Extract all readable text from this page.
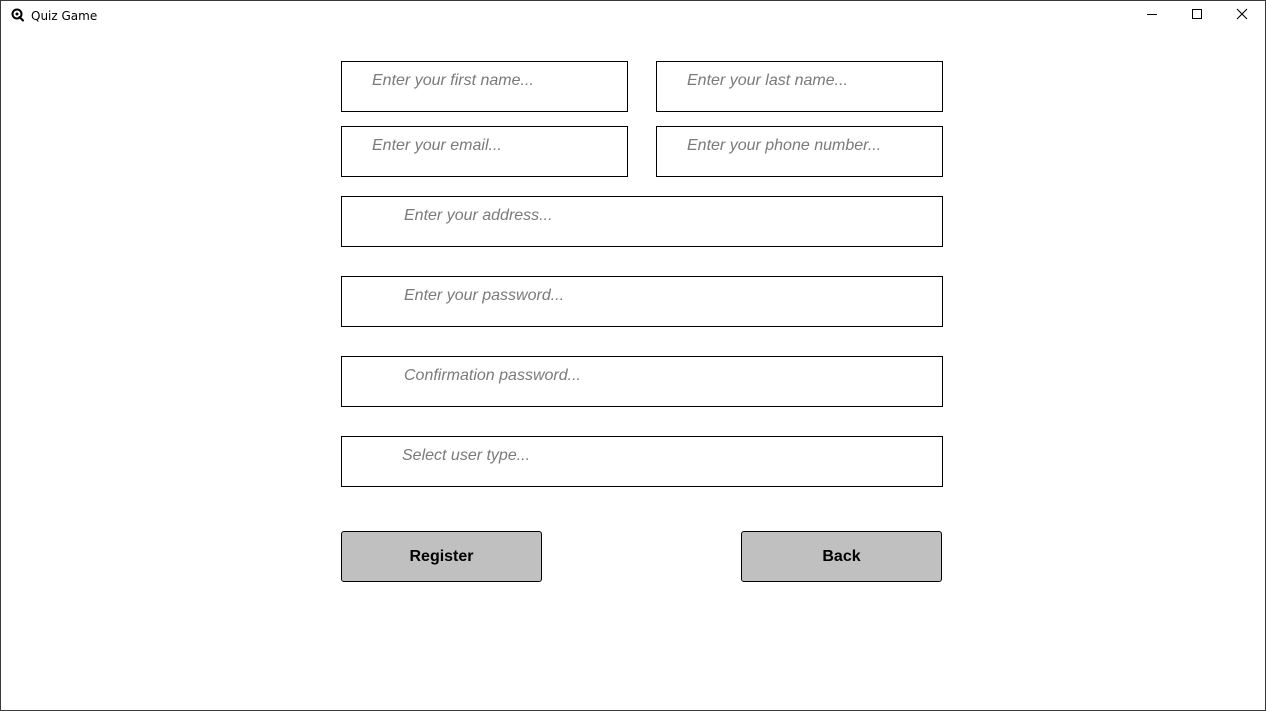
Quiz Game
Enter your first name...	Enter your last name...
Enter your email...	Enter your phone number...
Enter your address...
Enter your password...
Confirmation password...
Select user type...
Register	Back
